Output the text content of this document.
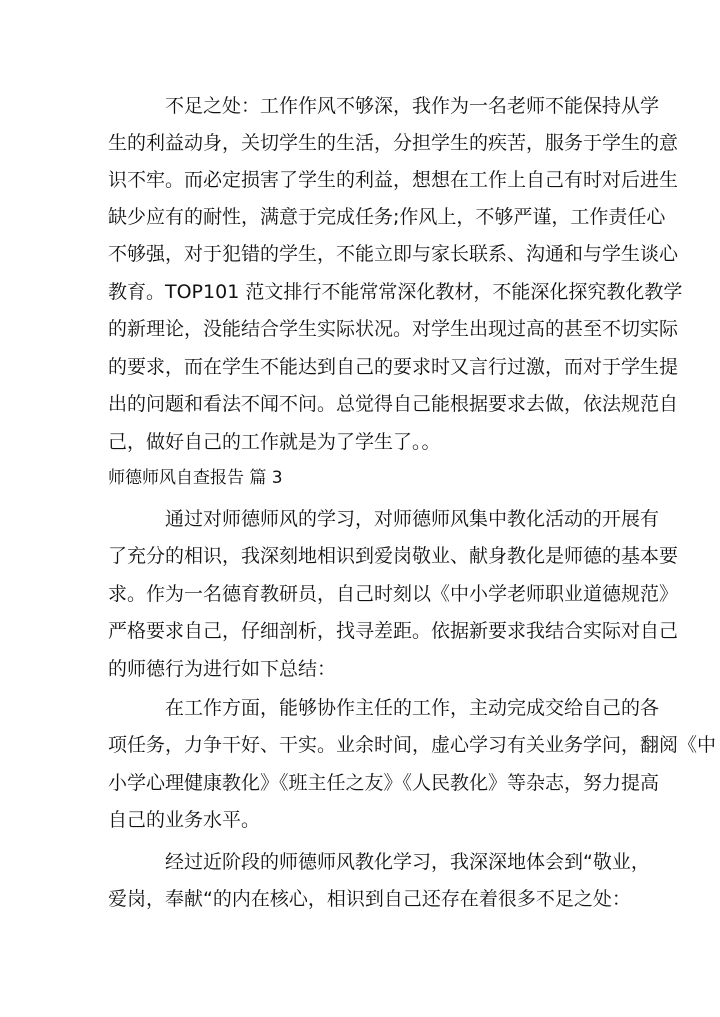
　　　不足之处：工作作风不够深，我作为一名老师不能保持从学
生的利益动身，关切学生的生活，分担学生的疾苦，服务于学生的意
识不牢。而必定损害了学生的利益，想想在工作上自己有时对后进生
缺少应有的耐性，满意于完成任务;作风上，不够严谨，工作责任心
不够强，对于犯错的学生，不能立即与家长联系、沟通和与学生谈心
教育。TOP101 范文排行不能常常深化教材，不能深化探究教化教学
的新理论，没能结合学生实际状况。对学生出现过高的甚至不切实际
的要求，而在学生不能达到自己的要求时又言行过激，而对于学生提
出的问题和看法不闻不问。总觉得自己能根据要求去做，依法规范自
己，做好自己的工作就是为了学生了。。
师德师风自查报告 篇 3
　　　通过对师德师风的学习，对师德师风集中教化活动的开展有
了充分的相识，我深刻地相识到爱岗敬业、献身教化是师德的基本要
求。作为一名德育教研员，自己时刻以《中小学老师职业道德规范》
严格要求自己，仔细剖析，找寻差距。依据新要求我结合实际对自己
的师德行为进行如下总结：
　　　在工作方面，能够协作主任的工作，主动完成交给自己的各
项任务，力争干好、干实。业余时间，虚心学习有关业务学问，翻阅《中
小学心理健康教化》《班主任之友》《人民教化》等杂志，努力提高
自己的业务水平。
　　　经过近阶段的师德师风教化学习，我深深地体会到“敬业，
爱岗，奉献“的内在核心，相识到自己还存在着很多不足之处：
